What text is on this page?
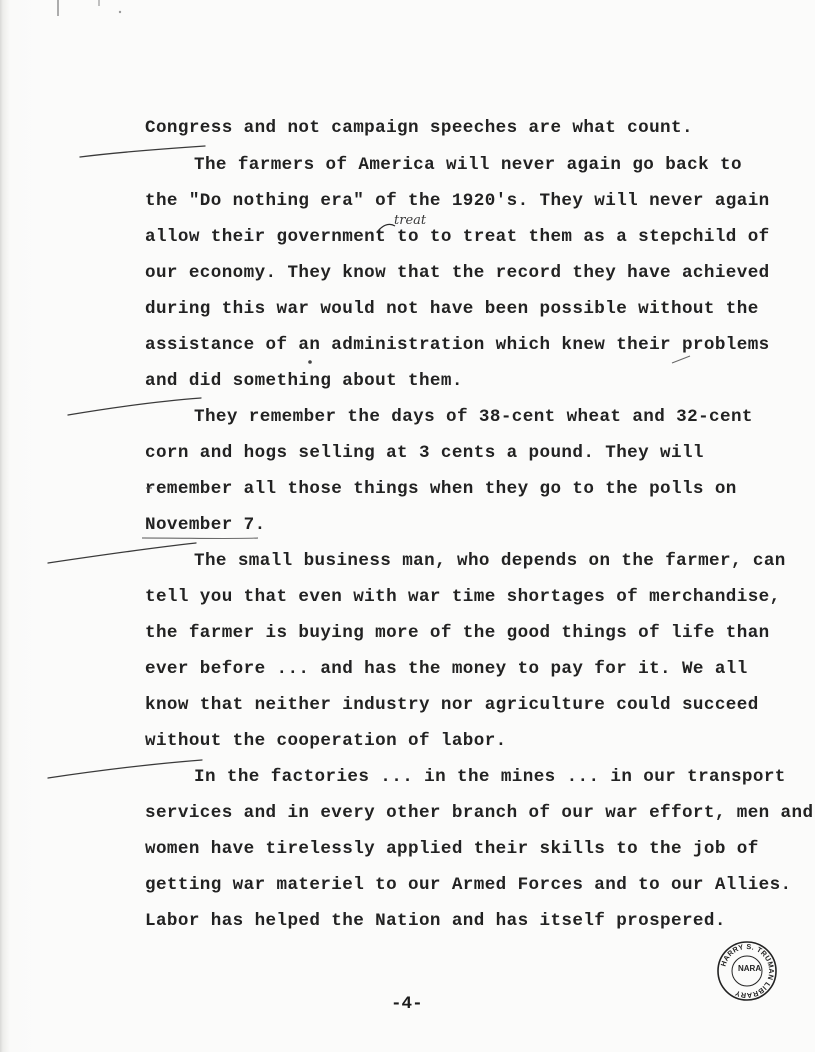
Congress and not campaign speeches are what count.
The farmers of America will never again go back to
the "Do nothing era" of the 1920's. They will never again
allow their government to to treat them as a stepchild of
our economy. They know that the record they have achieved
during this war would not have been possible without the
assistance of an administration which knew their problems
and did something about them.
They remember the days of 38-cent wheat and 32-cent
corn and hogs selling at 3 cents a pound. They will
remember all those things when they go to the polls on
November 7.
The small business man, who depends on the farmer, can
tell you that even with war time shortages of merchandise,
the farmer is buying more of the good things of life than
ever before ... and has the money to pay for it. We all
know that neither industry nor agriculture could succeed
without the cooperation of labor.
In the factories ... in the mines ... in our transport
services and in every other branch of our war effort, men and
women have tirelessly applied their skills to the job of
getting war materiel to our Armed Forces and to our Allies.
Labor has helped the Nation and has itself prospered.
treat
-4-
HARRY S. TRUMAN LIBRARY
NARA
